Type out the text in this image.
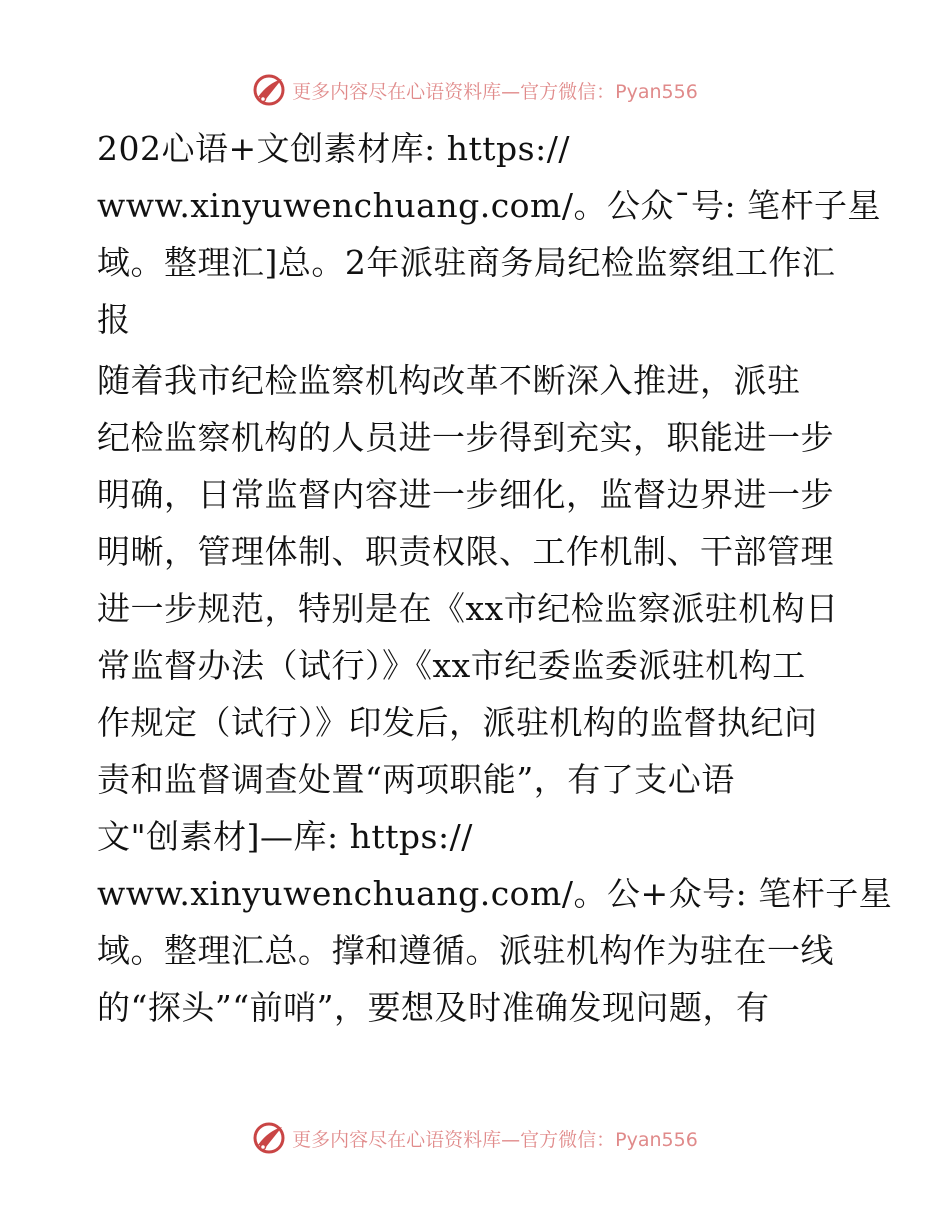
更多内容尽在心语资料库—官方微信：Pyan556
202心语+文创素材库: https://
www.xinyuwenchuang.com/。公众¯号: 笔杆子星
域。整理汇]总。2年派驻商务局纪检监察组工作汇
报
随着我市纪检监察机构改革不断深入推进，派驻
纪检监察机构的人员进一步得到充实，职能进一步
明确，日常监督内容进一步细化，监督边界进一步
明晰，管理体制、职责权限、工作机制、干部管理
进一步规范，特别是在《xx市纪检监察派驻机构日
常监督办法（试行）》《xx市纪委监委派驻机构工
作规定（试行）》印发后，派驻机构的监督执纪问
责和监督调查处置“两项职能”，有了支心语
文"创素材]—库: https://
www.xinyuwenchuang.com/。公+众号: 笔杆子星
域。整理汇总。撑和遵循。派驻机构作为驻在一线
的“探头”“前哨”，要想及时准确发现问题，有
更多内容尽在心语资料库—官方微信：Pyan556
